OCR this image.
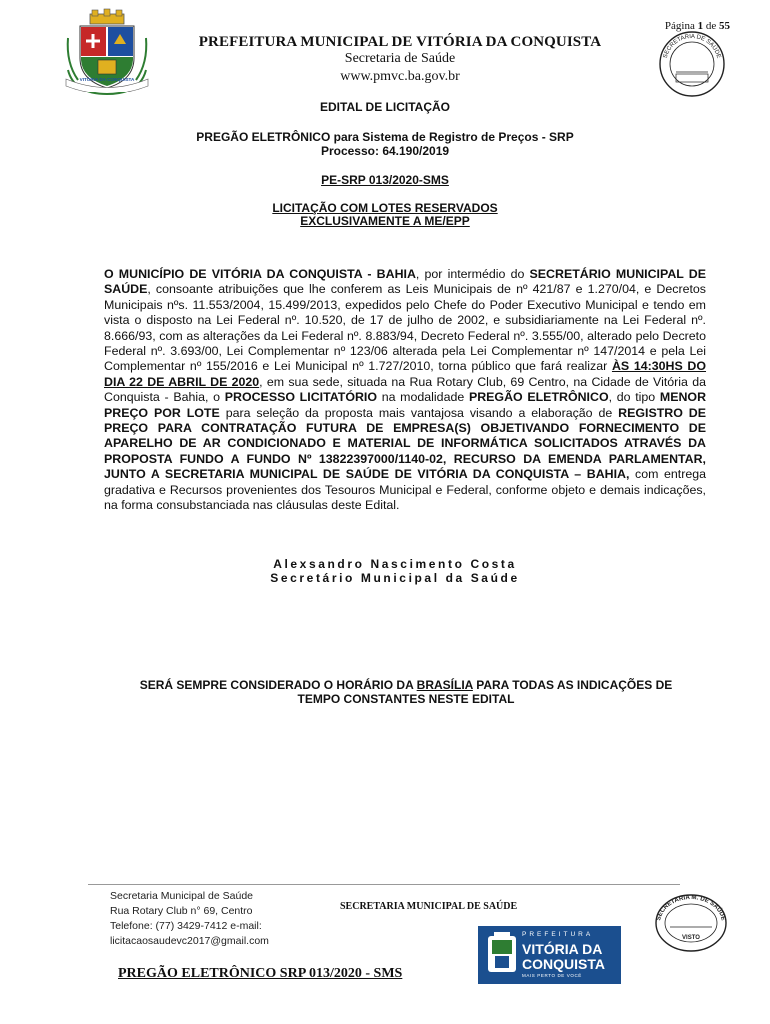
VITÓRIA DA CONQUISTA
Página 1 de 55
PREFEITURA MUNICIPAL DE VITÓRIA DA CONQUISTA
Secretaria de Saúde
www.pmvc.ba.gov.br
SECRETARIA DE SAÚDE
EDITAL DE LICITAÇÃO
PREGÃO ELETRÔNICO para Sistema de Registro de Preços - SRP
Processo: 64.190/2019
PE-SRP 013/2020-SMS
LICITAÇÃO COM LOTES RESERVADOS
EXCLUSIVAMENTE A ME/EPP
O MUNICÍPIO DE VITÓRIA DA CONQUISTA - BAHIA, por intermédio do SECRETÁRIO MUNICIPAL DE SAÚDE, consoante atribuições que lhe conferem as Leis Municipais de nº 421/87 e 1.270/04, e Decretos Municipais nºs. 11.553/2004, 15.499/2013, expedidos pelo Chefe do Poder Executivo Municipal e tendo em vista o disposto na Lei Federal nº. 10.520, de 17 de julho de 2002, e subsidiariamente na Lei Federal nº. 8.666/93, com as alterações da Lei Federal nº. 8.883/94, Decreto Federal nº. 3.555/00, alterado pelo Decreto Federal nº. 3.693/00, Lei Complementar nº 123/06 alterada pela Lei Complementar nº 147/2014 e pela Lei Complementar nº 155/2016 e Lei Municipal nº 1.727/2010, torna público que fará realizar ÀS 14:30HS DO DIA 22 DE ABRIL DE 2020, em sua sede, situada na Rua Rotary Club, 69 Centro, na Cidade de Vitória da Conquista - Bahia, o PROCESSO LICITATÓRIO na modalidade PREGÃO ELETRÔNICO, do tipo MENOR PREÇO POR LOTE para seleção da proposta mais vantajosa visando a elaboração de REGISTRO DE PREÇO PARA CONTRATAÇÃO FUTURA DE EMPRESA(S) OBJETIVANDO FORNECIMENTO DE APARELHO DE AR CONDICIONADO E MATERIAL DE INFORMÁTICA SOLICITADOS ATRAVÉS DA PROPOSTA FUNDO A FUNDO Nº 13822397000/1140-02, RECURSO DA EMENDA PARLAMENTAR, JUNTO A SECRETARIA MUNICIPAL DE SAÚDE DE VITÓRIA DA CONQUISTA – BAHIA, com entrega gradativa e Recursos provenientes dos Tesouros Municipal e Federal, conforme objeto e demais indicações, na forma consubstanciada nas cláusulas deste Edital.
Alexsandro Nascimento Costa
Secretário Municipal da Saúde
SERÁ SEMPRE CONSIDERADO O HORÁRIO DA BRASÍLIA PARA TODAS AS INDICAÇÕES DE
TEMPO CONSTANTES NESTE EDITAL
Secretaria Municipal de Saúde
Rua Rotary Club n° 69, Centro
Telefone: (77) 3429-7412 e-mail:
licitacaosaudevc2017@gmail.com
SECRETARIA MUNICIPAL DE SAÚDE
PREGÃO ELETRÔNICO SRP 013/2020 - SMS
PREFEITURA
VITÓRIA DA
CONQUISTA
MAIS PERTO DE VOCÊ
SECRETARIA M. DE SAÚDE
VISTO
